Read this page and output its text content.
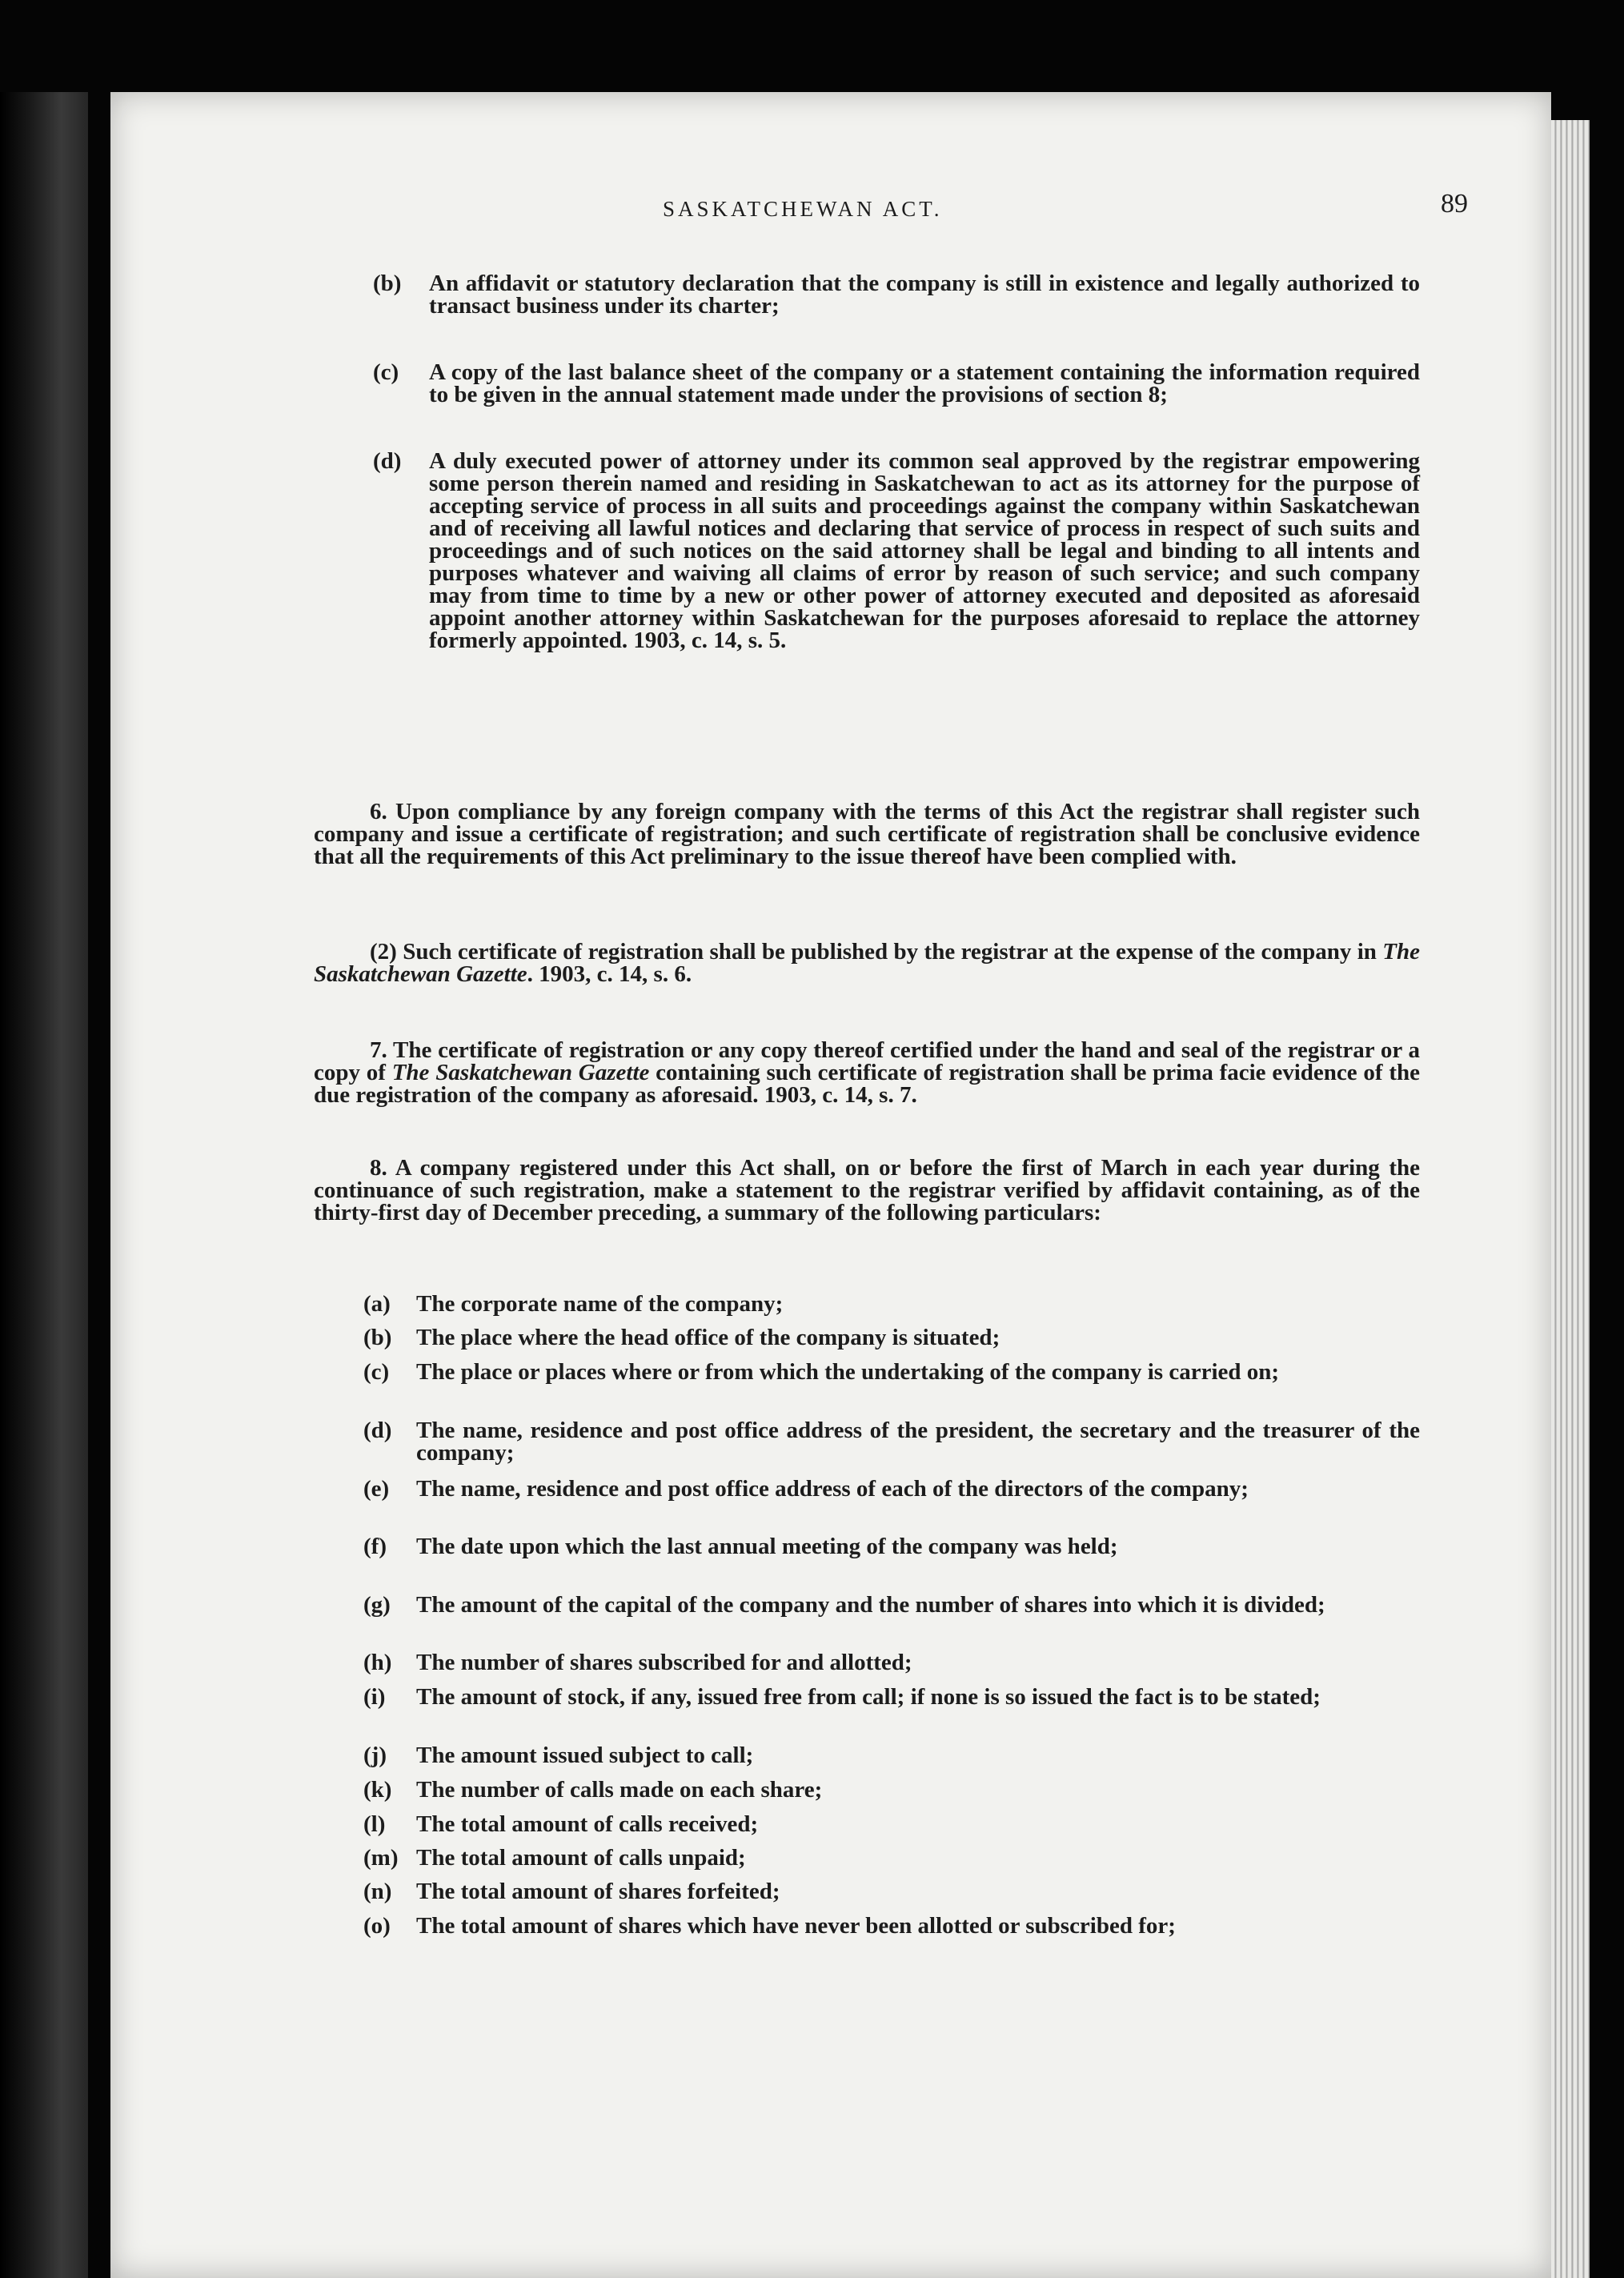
SASKATCHEWAN ACT.	89
(b)	An affidavit or statutory declaration that the company is still in existence and legally authorized to transact business under its charter;
(c)	A copy of the last balance sheet of the company or a statement containing the information required to be given in the annual statement made under the provisions of section 8;
(d)	A duly executed power of attorney under its common seal approved by the registrar empowering some person therein named and residing in Saskatchewan to act as its attorney for the purpose of accepting service of process in all suits and proceedings against the company within Saskatchewan and of receiving all lawful notices and declaring that service of process in respect of such suits and proceedings and of such notices on the said attorney shall be legal and binding to all intents and purposes whatever and waiving all claims of error by reason of such service; and such company may from time to time by a new or other power of attorney executed and deposited as aforesaid appoint another attorney within Saskatchewan for the purposes aforesaid to replace the attorney formerly appointed. 1903, c. 14, s. 5.
6. Upon compliance by any foreign company with the terms of this Act the registrar shall register such company and issue a certificate of registration; and such certificate of registration shall be conclusive evidence that all the requirements of this Act preliminary to the issue thereof have been complied with.
(2) Such certificate of registration shall be published by the registrar at the expense of the company in The Saskatchewan Gazette. 1903, c. 14, s. 6.
7. The certificate of registration or any copy thereof certified under the hand and seal of the registrar or a copy of The Saskatchewan Gazette containing such certificate of registration shall be prima facie evidence of the due registration of the company as aforesaid. 1903, c. 14, s. 7.
8. A company registered under this Act shall, on or before the first of March in each year during the continuance of such registration, make a statement to the registrar verified by affidavit containing, as of the thirty-first day of December preceding, a summary of the following particulars:
(a)	The corporate name of the company;
(b)	The place where the head office of the company is situated;
(c)	The place or places where or from which the undertaking of the company is carried on;
(d)	The name, residence and post office address of the president, the secretary and the treasurer of the company;
(e)	The name, residence and post office address of each of the directors of the company;
(f)	The date upon which the last annual meeting of the company was held;
(g)	The amount of the capital of the company and the number of shares into which it is divided;
(h)	The number of shares subscribed for and allotted;
(i)	The amount of stock, if any, issued free from call; if none is so issued the fact is to be stated;
(j)	The amount issued subject to call;
(k)	The number of calls made on each share;
(l)	The total amount of calls received;
(m) The total amount of calls unpaid;
(n)	The total amount of shares forfeited;
(o)	The total amount of shares which have never been allotted or subscribed for;
